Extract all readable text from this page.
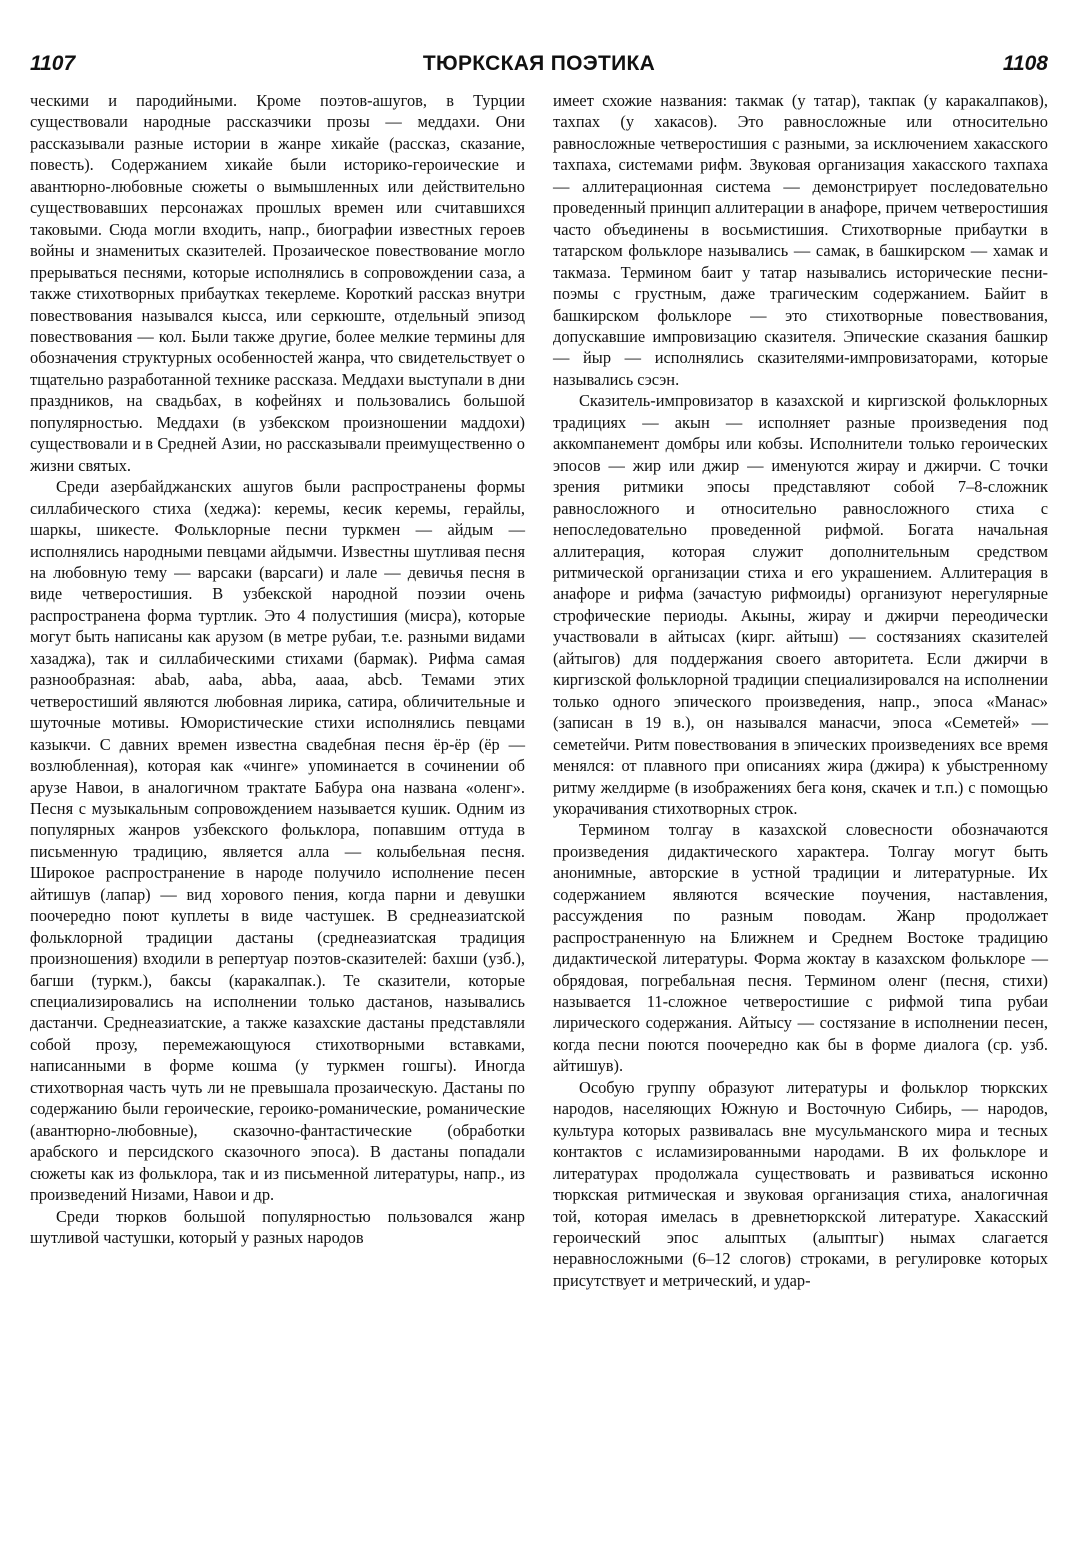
1107	ТЮРКСКАЯ ПОЭТИКА	1108

ческими и пародийными. Кроме поэтов-ашугов, в Турции существовали народные рассказчики прозы — меддахи. Они рассказывали разные истории в жанре хикайе (рассказ, сказание, повесть). Содержанием хикайе были историко-героические и авантюрно-любовные сюжеты о вымышленных или действительно существовавших персонажах прошлых времен или считавшихся таковыми. Сюда могли входить, напр., биографии известных героев войны и знаменитых сказителей. Прозаическое повествование могло прерываться песнями, которые исполнялись в сопровождении саза, а также стихотворных прибаутках текерлеме. Короткий рассказ внутри повествования назывался кысса, или серкюште, отдельный эпизод повествования — кол. Были также другие, более мелкие термины для обозначения структурных особенностей жанра, что свидетельствует о тщательно разработанной технике рассказа. Меддахи выступали в дни праздников, на свадьбах, в кофейнях и пользовались большой популярностью. Меддахи (в узбекском произношении маддохи) существовали и в Средней Азии, но рассказывали преимущественно о жизни святых.

Среди азербайджанских ашугов были распространены формы силлабического стиха (хеджа): керемы, кесик керемы, герайлы, шаркы, шикесте. Фольклорные песни туркмен — айдым — исполнялись народными певцами айдымчи. Известны шутливая песня на любовную тему — варсаки (варсаги) и лале — девичья песня в виде четверостишия. В узбекской народной поэзии очень распространена форма туртлик. Это 4 полустишия (мисра), которые могут быть написаны как арузом (в метре рубаи, т.е. разными видами хазаджа), так и силлабическими стихами (бармак). Рифма самая разнообразная: abab, aaba, abba, aaaa, abcb. Темами этих четверостиший являются любовная лирика, сатира, обличительные и шуточные мотивы. Юмористические стихи исполнялись певцами казыкчи. С давних времен известна свадебная песня ёр-ёр (ёр — возлюбленная), которая как «чинге» упоминается в сочинении об арузе Навои, в аналогичном трактате Бабура она названа «оленг». Песня с музыкальным сопровождением называется кушик. Одним из популярных жанров узбекского фольклора, попавшим оттуда в письменную традицию, является алла — колыбельная песня. Широкое распространение в народе получило исполнение песен айтишув (лапар) — вид хорового пения, когда парни и девушки поочередно поют куплеты в виде частушек. В среднеазиатской фольклорной традиции дастаны (среднеазиатская традиция произношения) входили в репертуар поэтов-сказителей: бахши (узб.), багши (туркм.), баксы (каракалпак.). Те сказители, которые специализировались на исполнении только дастанов, назывались дастанчи. Среднеазиатские, а также казахские дастаны представляли собой прозу, перемежающуюся стихотворными вставками, написанными в форме кошма (у туркмен гошгы). Иногда стихотворная часть чуть ли не превышала прозаическую. Дастаны по содержанию были героические, героико-романические, романические (авантюрно-любовные), сказочно-фантастические (обработки арабского и персидского сказочного эпоса). В дастаны попадали сюжеты как из фольклора, так и из письменной литературы, напр., из произведений Низами, Навои и др.

Среди тюрков большой популярностью пользовался жанр шутливой частушки, который у разных народов

имеет схожие названия: такмак (у татар), такпак (у каракалпаков), тахпах (у хакасов). Это равносложные или относительно равносложные четверостишия с разными, за исключением хакасского тахпаха, системами рифм. Звуковая организация хакасского тахпаха — аллитерационная система — демонстрирует последовательно проведенный принцип аллитерации в анафоре, причем четверостишия часто объединены в восьмистишия. Стихотворные прибаутки в татарском фольклоре назывались — самак, в башкирском — хамак и такмаза. Термином баит у татар назывались исторические песни-поэмы с грустным, даже трагическим содержанием. Байит в башкирском фольклоре — это стихотворные повествования, допускавшие импровизацию сказителя. Эпические сказания башкир — йыр — исполнялись сказителями-импровизаторами, которые назывались сэсэн.

Сказитель-импровизатор в казахской и киргизской фольклорных традициях — акын — исполняет разные произведения под аккомпанемент домбры или кобзы. Исполнители только героических эпосов — жир или джир — именуются жирау и джирчи. С точки зрения ритмики эпосы представляют собой 7–8-сложник равносложного и относительно равносложного стиха с непоследовательно проведенной рифмой. Богата начальная аллитерация, которая служит дополнительным средством ритмической организации стиха и его украшением. Аллитерация в анафоре и рифма (зачастую рифмоиды) организуют нерегулярные строфические периоды. Акыны, жирау и джирчи переодически участвовали в айтысах (кирг. айтыш) — состязаниях сказителей (айтыгов) для поддержания своего авторитета. Если джирчи в киргизской фольклорной традиции специализировался на исполнении только одного эпического произведения, напр., эпоса «Манас» (записан в 19 в.), он назывался манасчи, эпоса «Семетей» — семетейчи. Ритм повествования в эпических произведениях все время менялся: от плавного при описаниях жира (джира) к убыстренному ритму желдирме (в изображениях бега коня, скачек и т.п.) с помощью укорачивания стихотворных строк.

Термином толгау в казахской словесности обозначаются произведения дидактического характера. Толгау могут быть анонимные, авторские в устной традиции и литературные. Их содержанием являются всяческие поучения, наставления, рассуждения по разным поводам. Жанр продолжает распространенную на Ближнем и Среднем Востоке традицию дидактической литературы. Форма жоктау в казахском фольклоре — обрядовая, погребальная песня. Термином оленг (песня, стихи) называется 11-сложное четверостишие с рифмой типа рубаи лирического содержания. Айтысу — состязание в исполнении песен, когда песни поются поочередно как бы в форме диалога (ср. узб. айтишув).

Особую группу образуют литературы и фольклор тюркских народов, населяющих Южную и Восточную Сибирь, — народов, культура которых развивалась вне мусульманского мира и тесных контактов с исламизированными народами. В их фольклоре и литературах продолжала существовать и развиваться исконно тюркская ритмическая и звуковая организация стиха, аналогичная той, которая имелась в древнетюркской литературе. Хакасский героический эпос алыптых (алыптыг) нымах слагается неравносложными (6–12 слогов) строками, в регулировке которых присутствует и метрический, и удар-
